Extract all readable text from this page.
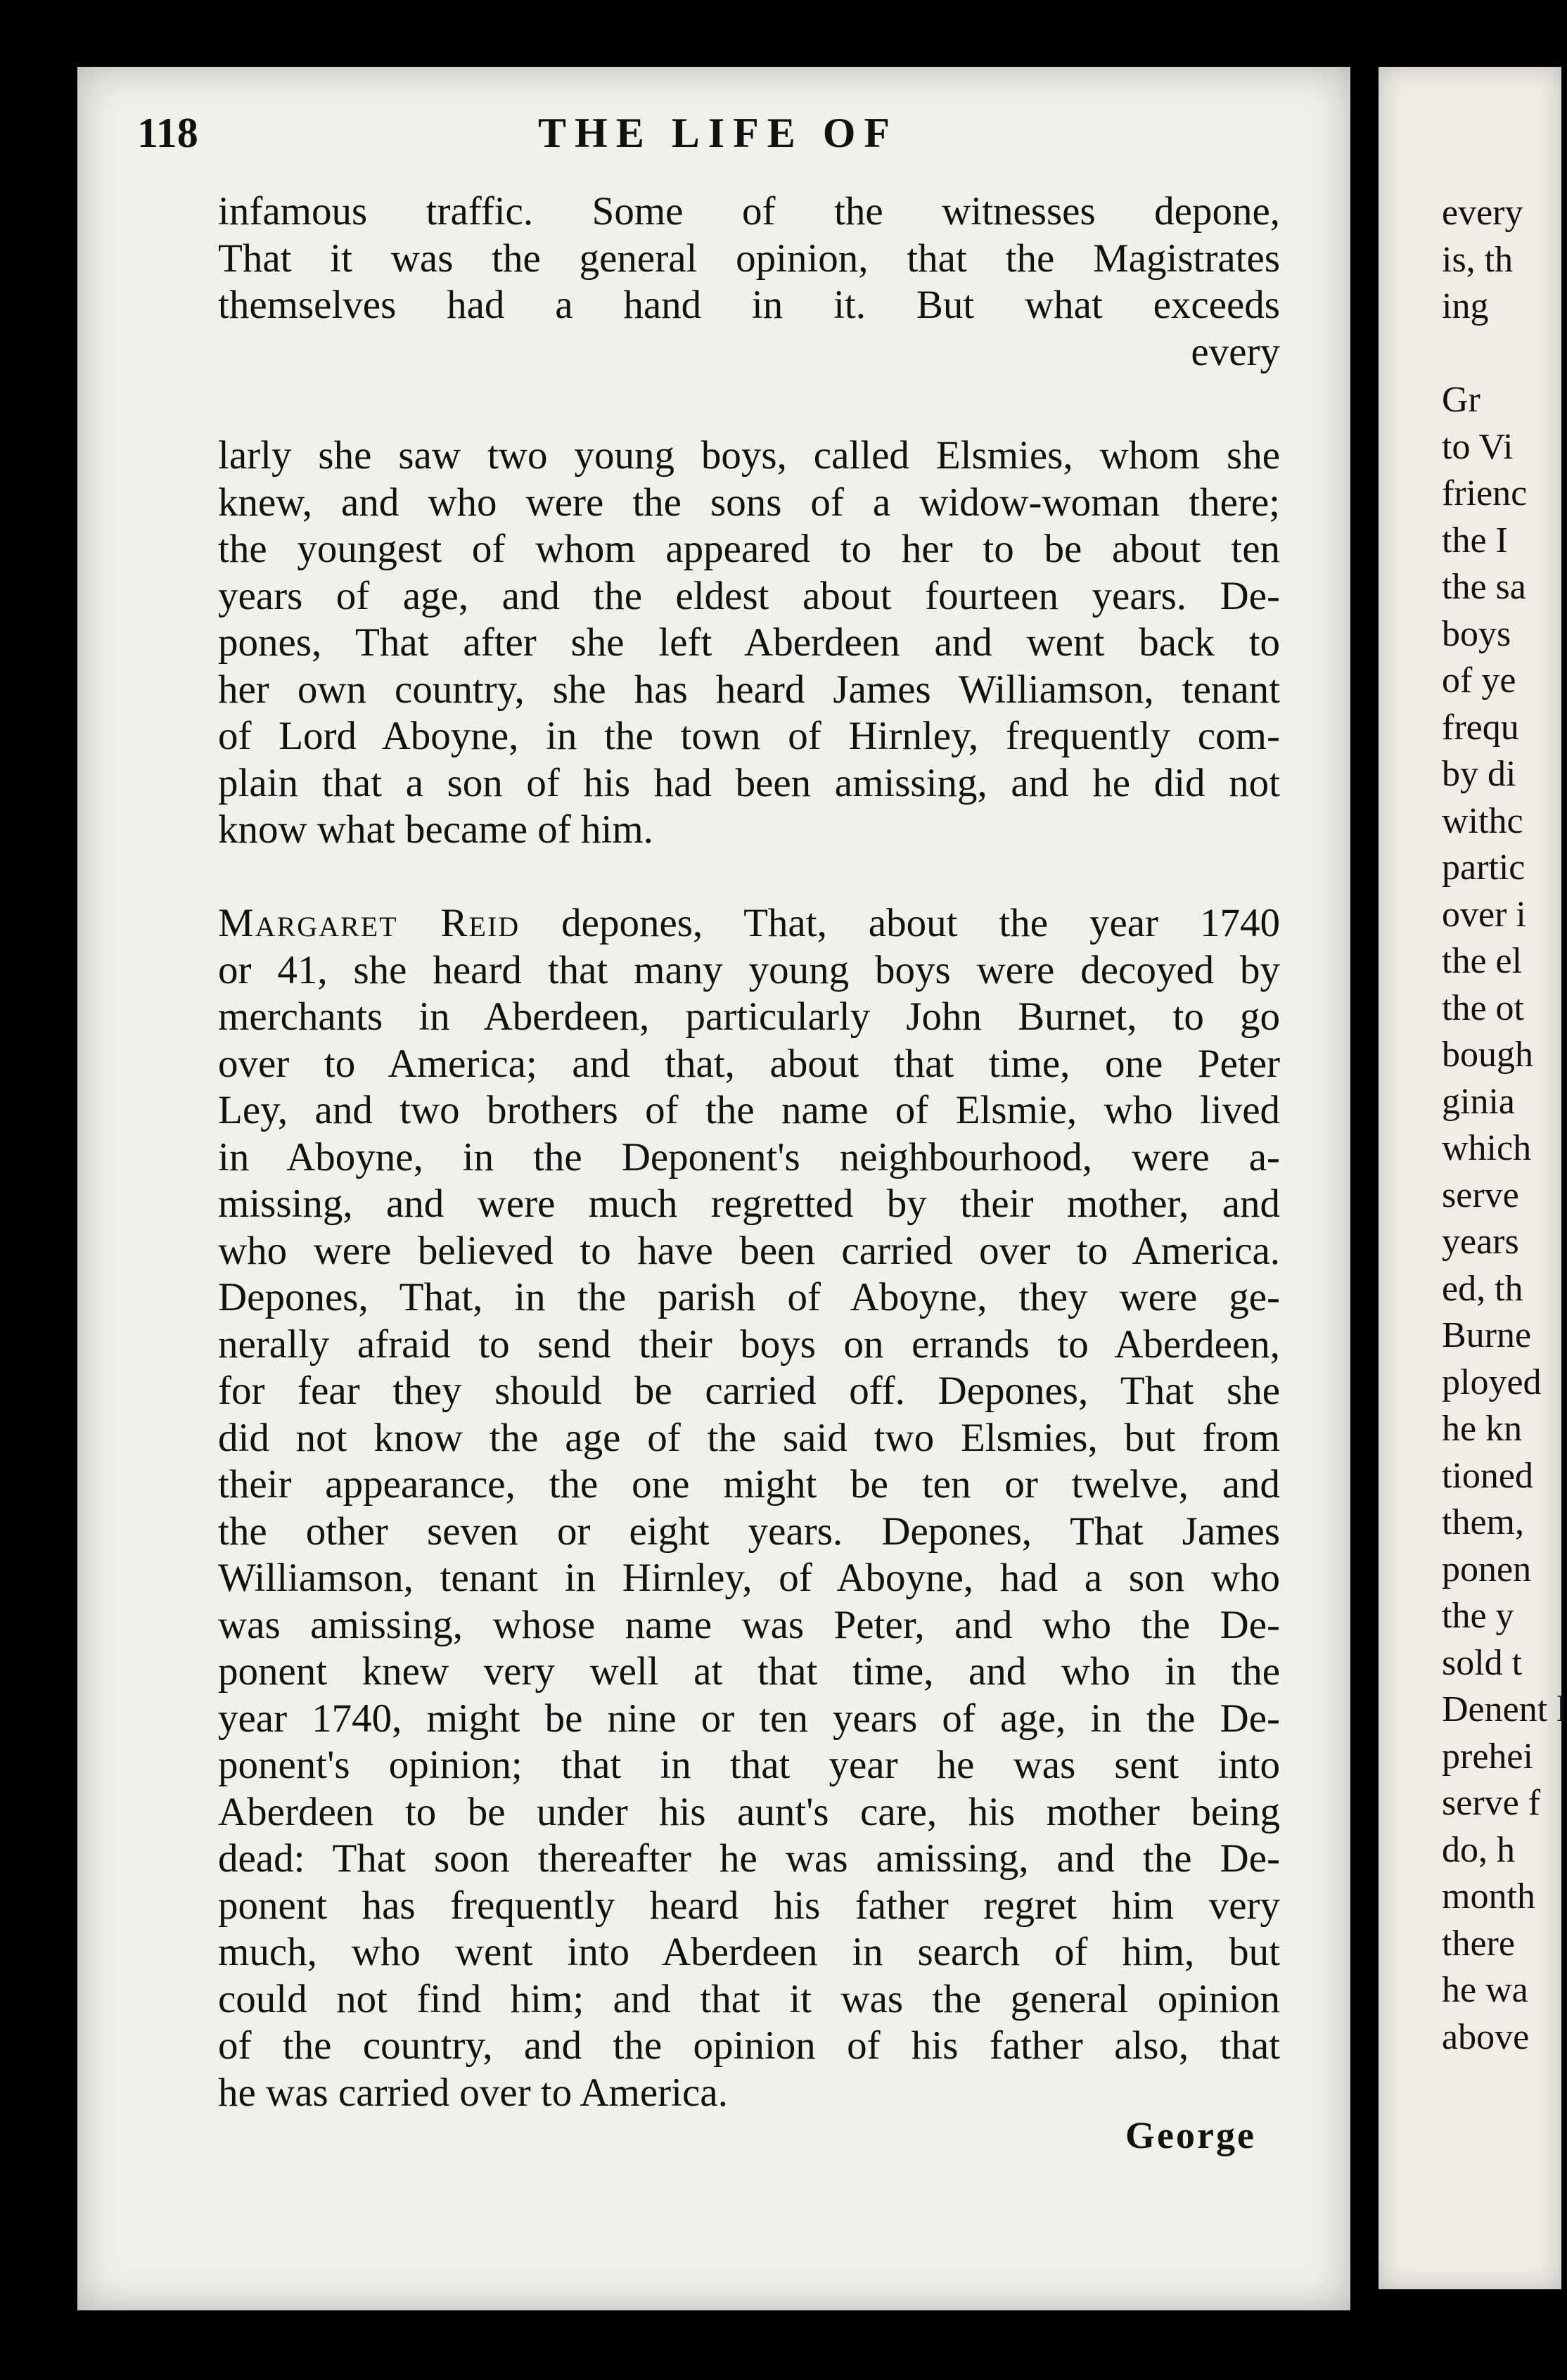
118	THE LIFE OF
infamous traffic. Some of the witnesses depone,
That it was the general opinion, that the Magistrates
themselves had a hand in it. But what exceeds
every
larly she saw two young boys, called Elsmies, whom she
knew, and who were the sons of a widow-woman there;
the youngest of whom appeared to her to be about ten
years of age, and the eldest about fourteen years. De-
pones, That after she left Aberdeen and went back to
her own country, she has heard James Williamson, tenant
of Lord Aboyne, in the town of Hirnley, frequently com-
plain that a son of his had been amissing, and he did not
know what became of him.
Margaret Reid depones, That, about the year 1740
or 41, she heard that many young boys were decoyed by
merchants in Aberdeen, particularly John Burnet, to go
over to America; and that, about that time, one Peter
Ley, and two brothers of the name of Elsmie, who lived
in Aboyne, in the Deponent's neighbourhood, were a-
missing, and were much regretted by their mother, and
who were believed to have been carried over to America.
Depones, That, in the parish of Aboyne, they were ge-
nerally afraid to send their boys on errands to Aberdeen,
for fear they should be carried off. Depones, That she
did not know the age of the said two Elsmies, but from
their appearance, the one might be ten or twelve, and
the other seven or eight years. Depones, That James
Williamson, tenant in Hirnley, of Aboyne, had a son who
was amissing, whose name was Peter, and who the De-
ponent knew very well at that time, and who in the
year 1740, might be nine or ten years of age, in the De-
ponent's opinion; that in that year he was sent into
Aberdeen to be under his aunt's care, his mother being
dead: That soon thereafter he was amissing, and the De-
ponent has frequently heard his father regret him very
much, who went into Aberdeen in search of him, but
could not find him; and that it was the general opinion
of the country, and the opinion of his father also, that
he was carried over to America.
George
every
is, th
ing

Gr
to Vi
frienc
the I
the sa
boys
of ye
frequ
by di
withc
partic
over i
the el
the ot
bough
ginia
which
serve
years
ed, th
Burne
ployed
he kn
tioned
them,
ponen
the y
sold t
Denent l
prehei
serve f
do, h
month
there
he wa
above
